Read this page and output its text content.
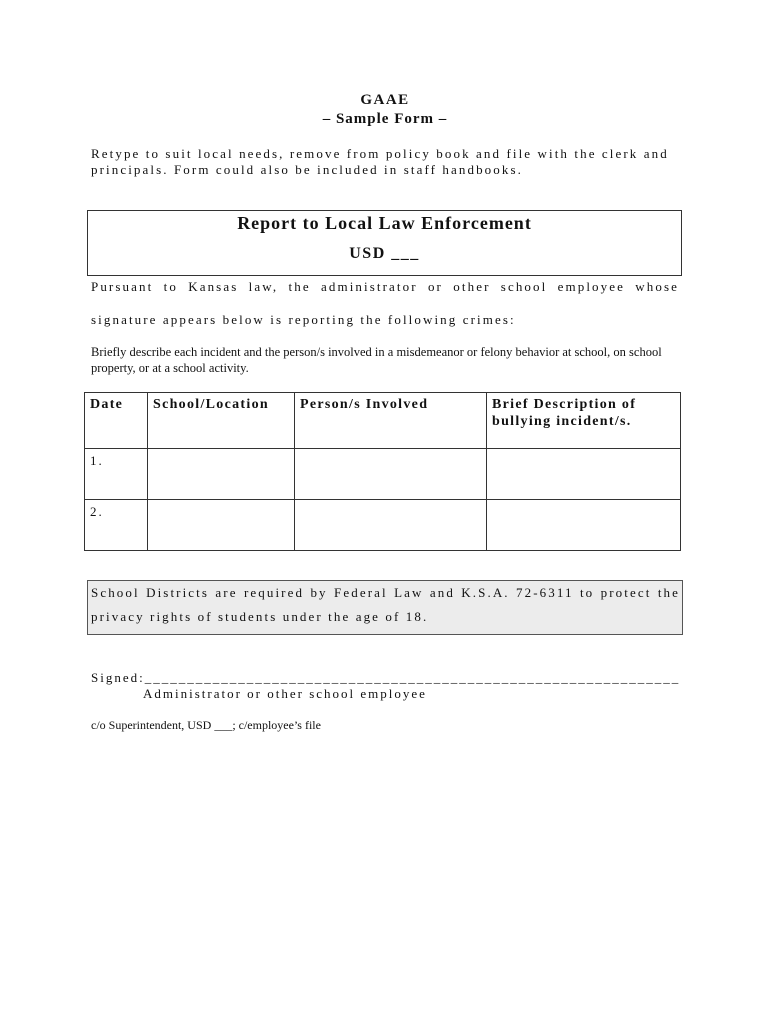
GAAE
– Sample Form –
Retype to suit local needs, remove from policy book and file with the clerk and principals. Form could also be included in staff handbooks.
Report to Local Law Enforcement
USD ___
Pursuant to Kansas law, the administrator or other school employee whose
signature appears below is reporting the following crimes:
Briefly describe each incident and the person/s involved in a misdemeanor or felony behavior at school, on school property, or at a school activity.
Date	School/Location	Person/s Involved	Brief Description of bullying incident/s.
1.			
2.			
School Districts are required by Federal Law and K.S.A. 72-6311 to protect the
privacy rights of students under the age of 18.
Signed:_______________________________________________________________
Administrator or other school employee
c/o Superintendent, USD ___; c/employee’s file
